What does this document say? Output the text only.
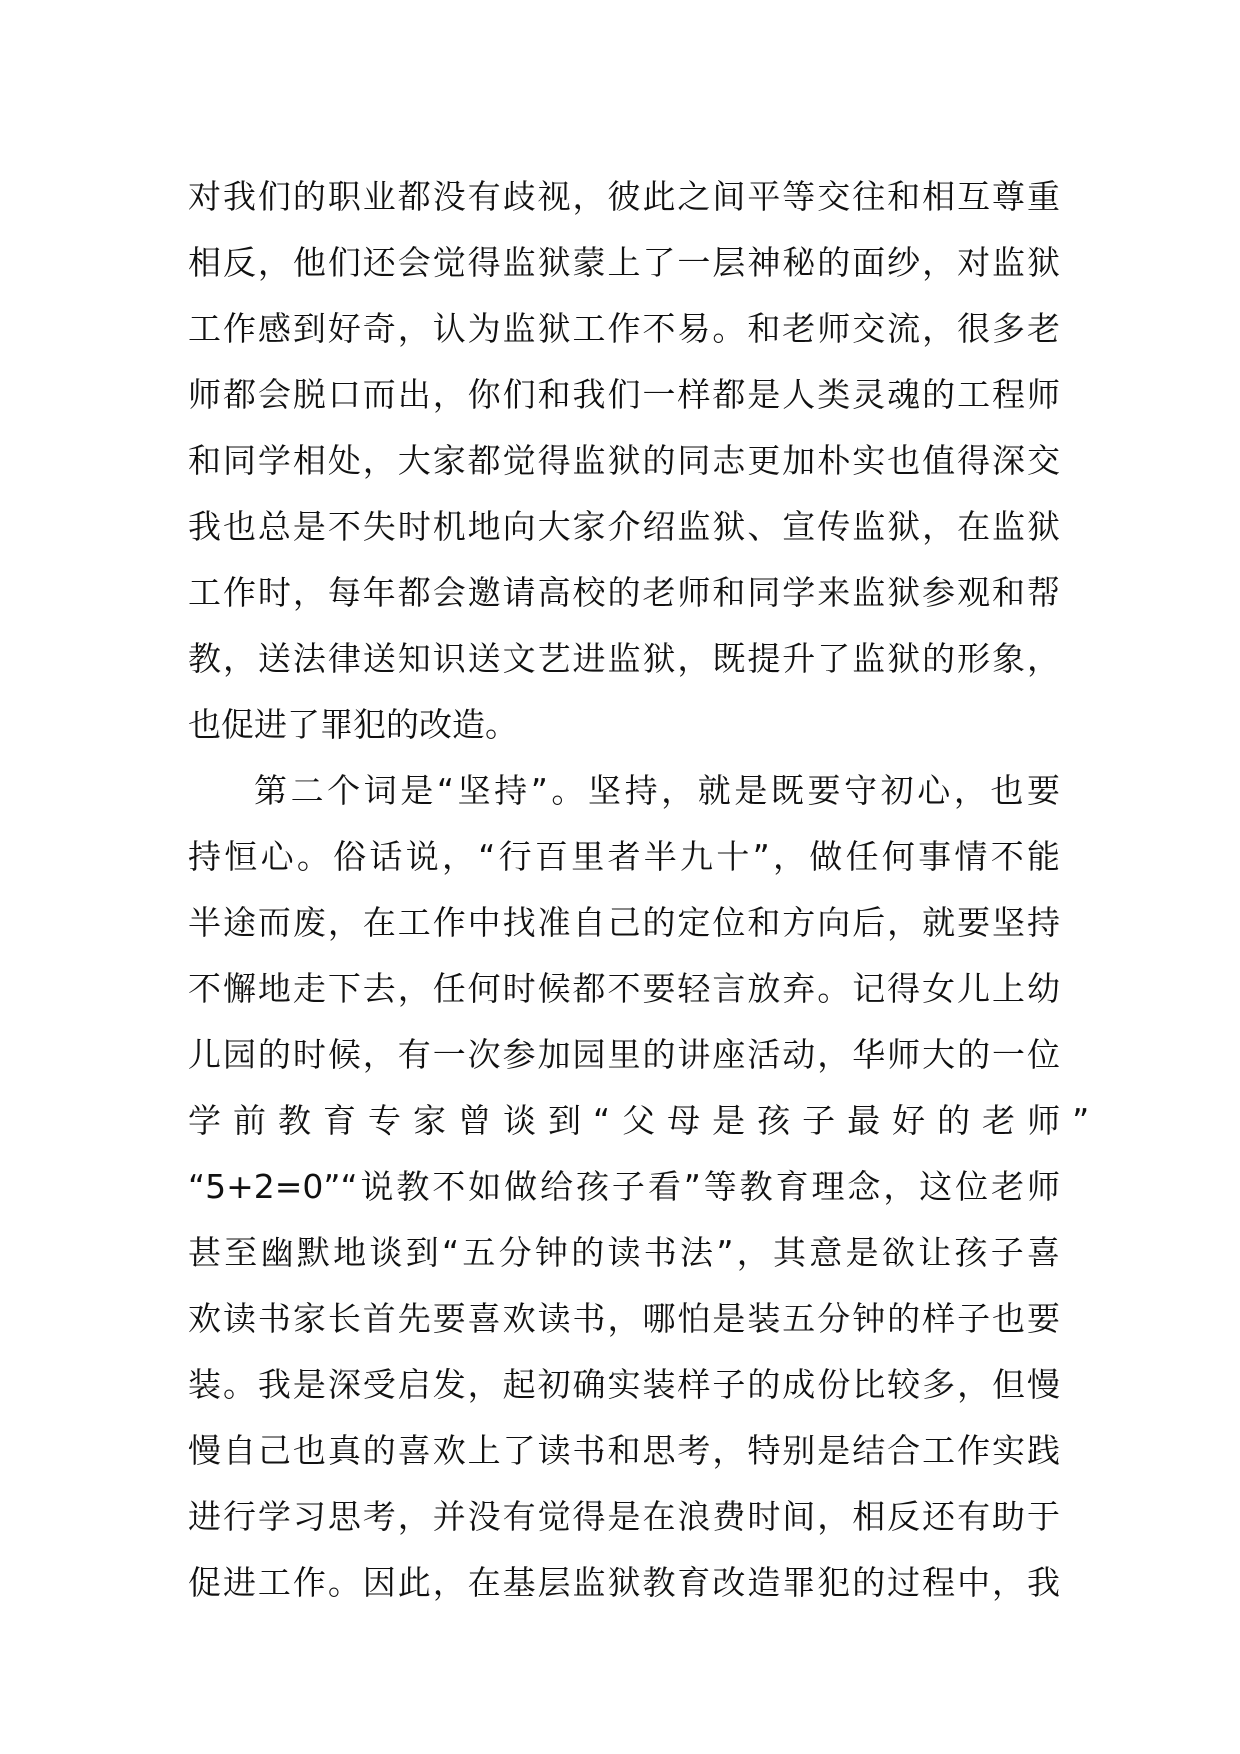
对我们的职业都没有歧视，彼此之间平等交往和相互尊重
相反，他们还会觉得监狱蒙上了一层神秘的面纱，对监狱
工作感到好奇，认为监狱工作不易。和老师交流，很多老
师都会脱口而出，你们和我们一样都是人类灵魂的工程师
和同学相处，大家都觉得监狱的同志更加朴实也值得深交
我也总是不失时机地向大家介绍监狱、宣传监狱，在监狱
工作时，每年都会邀请高校的老师和同学来监狱参观和帮
教，送法律送知识送文艺进监狱，既提升了监狱的形象，
也促进了罪犯的改造。
第二个词是“坚持”。坚持，就是既要守初心，也要
持恒心。俗话说，“行百里者半九十”，做任何事情不能
半途而废，在工作中找准自己的定位和方向后，就要坚持
不懈地走下去，任何时候都不要轻言放弃。记得女儿上幼
儿园的时候，有一次参加园里的讲座活动，华师大的一位
学前教育专家曾谈到“父母是孩子最好的老师”
“5+2=0”“说教不如做给孩子看”等教育理念，这位老师
甚至幽默地谈到“五分钟的读书法”，其意是欲让孩子喜
欢读书家长首先要喜欢读书，哪怕是装五分钟的样子也要
装。我是深受启发，起初确实装样子的成份比较多，但慢
慢自己也真的喜欢上了读书和思考，特别是结合工作实践
进行学习思考，并没有觉得是在浪费时间，相反还有助于
促进工作。因此，在基层监狱教育改造罪犯的过程中，我
